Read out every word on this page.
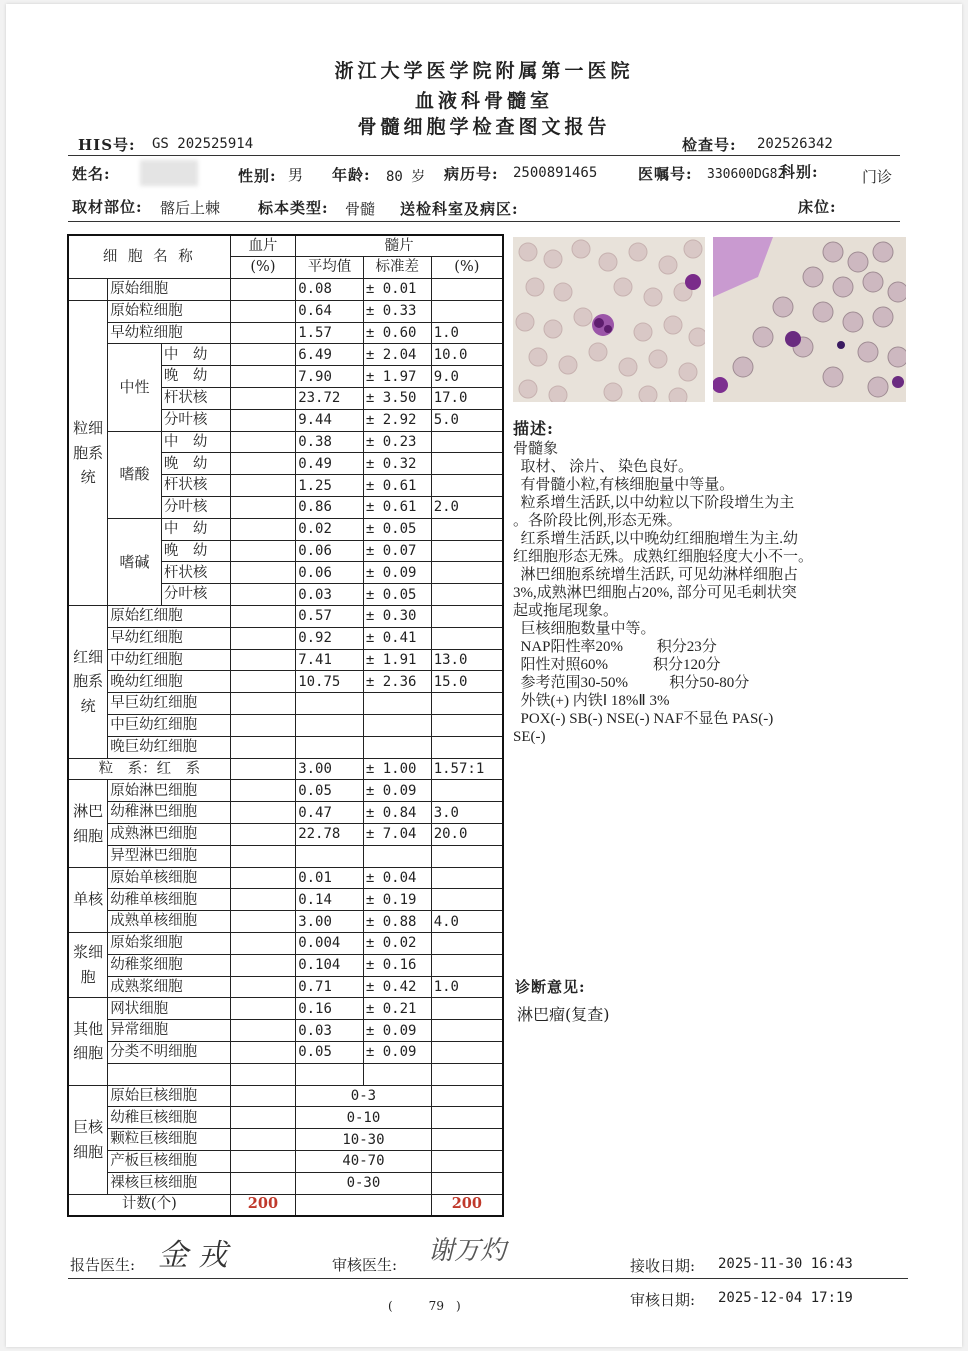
浙江大学医学院附属第一医院
血液科骨髓室
骨髓细胞学检查图文报告
HIS号: GS 202525914	检查号: 202526342
姓名:	性别: 男 年龄: 80 岁 病历号: 2500891465	医嘱号: 330600DG82
科别:	门诊
取材部位: 髂后上棘	标本类型: 骨髓 送检科室及病区:	床位:
细 胞 名 称			血片	髓片		
			(%)	平均值	标准差	(%)
	原始细胞			0.08	± 0.01	
粒细胞系统	原始粒细胞			0.64	± 0.33	
	早幼粒细胞			1.57	± 0.60	1.0
	中性	中　幼		6.49	± 2.04	10.0
		晚　幼		7.90	± 1.97	9.0
		杆状核		23.72	± 3.50	17.0
		分叶核		9.44	± 2.92	5.0
	嗜酸	中　幼		0.38	± 0.23	
		晚　幼		0.49	± 0.32	
		杆状核		1.25	± 0.61	
		分叶核		0.86	± 0.61	2.0
	嗜碱	中　幼		0.02	± 0.05	
		晚　幼		0.06	± 0.07	
		杆状核		0.06	± 0.09	
		分叶核		0.03	± 0.05	
红细胞系统	原始红细胞			0.57	± 0.30	
	早幼红细胞			0.92	± 0.41	
	中幼红细胞			7.41	± 1.91	13.0
	晚幼红细胞			10.75	± 2.36	15.0
	早巨幼红细胞					
	中巨幼红细胞					
	晚巨幼红细胞					
粒　系：红　系				3.00	± 1.00	1.57:1
淋巴细胞	原始淋巴细胞			0.05	± 0.09	
	幼稚淋巴细胞			0.47	± 0.84	3.0
	成熟淋巴细胞			22.78	± 7.04	20.0
	异型淋巴细胞					
单核	原始单核细胞			0.01	± 0.04	
	幼稚单核细胞			0.14	± 0.19	
	成熟单核细胞			3.00	± 0.88	4.0
浆细胞	原始浆细胞			0.004	± 0.02	
	幼稚浆细胞			0.104	± 0.16	
	成熟浆细胞			0.71	± 0.42	1.0
其他细胞	网状细胞			0.16	± 0.21	
	异常细胞			0.03	± 0.09	
	分类不明细胞			0.05	± 0.09	

巨核细胞	原始巨核细胞			0-3		
	幼稚巨核细胞			0-10		
	颗粒巨核细胞			10-30		
	产板巨核细胞			40-70		
	裸核巨核细胞			0-30		
计数(个)			200			200
描述:
骨髓象
取材、 涂片、 染色良好。
有骨髓小粒,有核细胞量中等量。
粒系增生活跃,以中幼粒以下阶段增生为主
。各阶段比例,形态无殊。
红系增生活跃,以中晚幼红细胞增生为主.幼
红细胞形态无殊。成熟红细胞轻度大小不一。
淋巴细胞系统增生活跃, 可见幼淋样细胞占
3%,成熟淋巴细胞占20%, 部分可见毛刺状突
起或拖尾现象。
巨核细胞数量中等。
NAP阳性率20%         积分23分
阳性对照60%            积分120分
参考范围30-50%           积分50-80分
外铁(+) 内铁Ⅰ 18%Ⅱ 3%
POX(-) SB(-) NSE(-) NAF不显色 PAS(-)
SE(-)
诊断意见:
淋巴瘤(复查)
报告医生: 金 戎	审核医生: 谢万灼	接收日期: 2025-11-30 16:43
(　　　79　)	审核日期: 2025-12-04 17:19
